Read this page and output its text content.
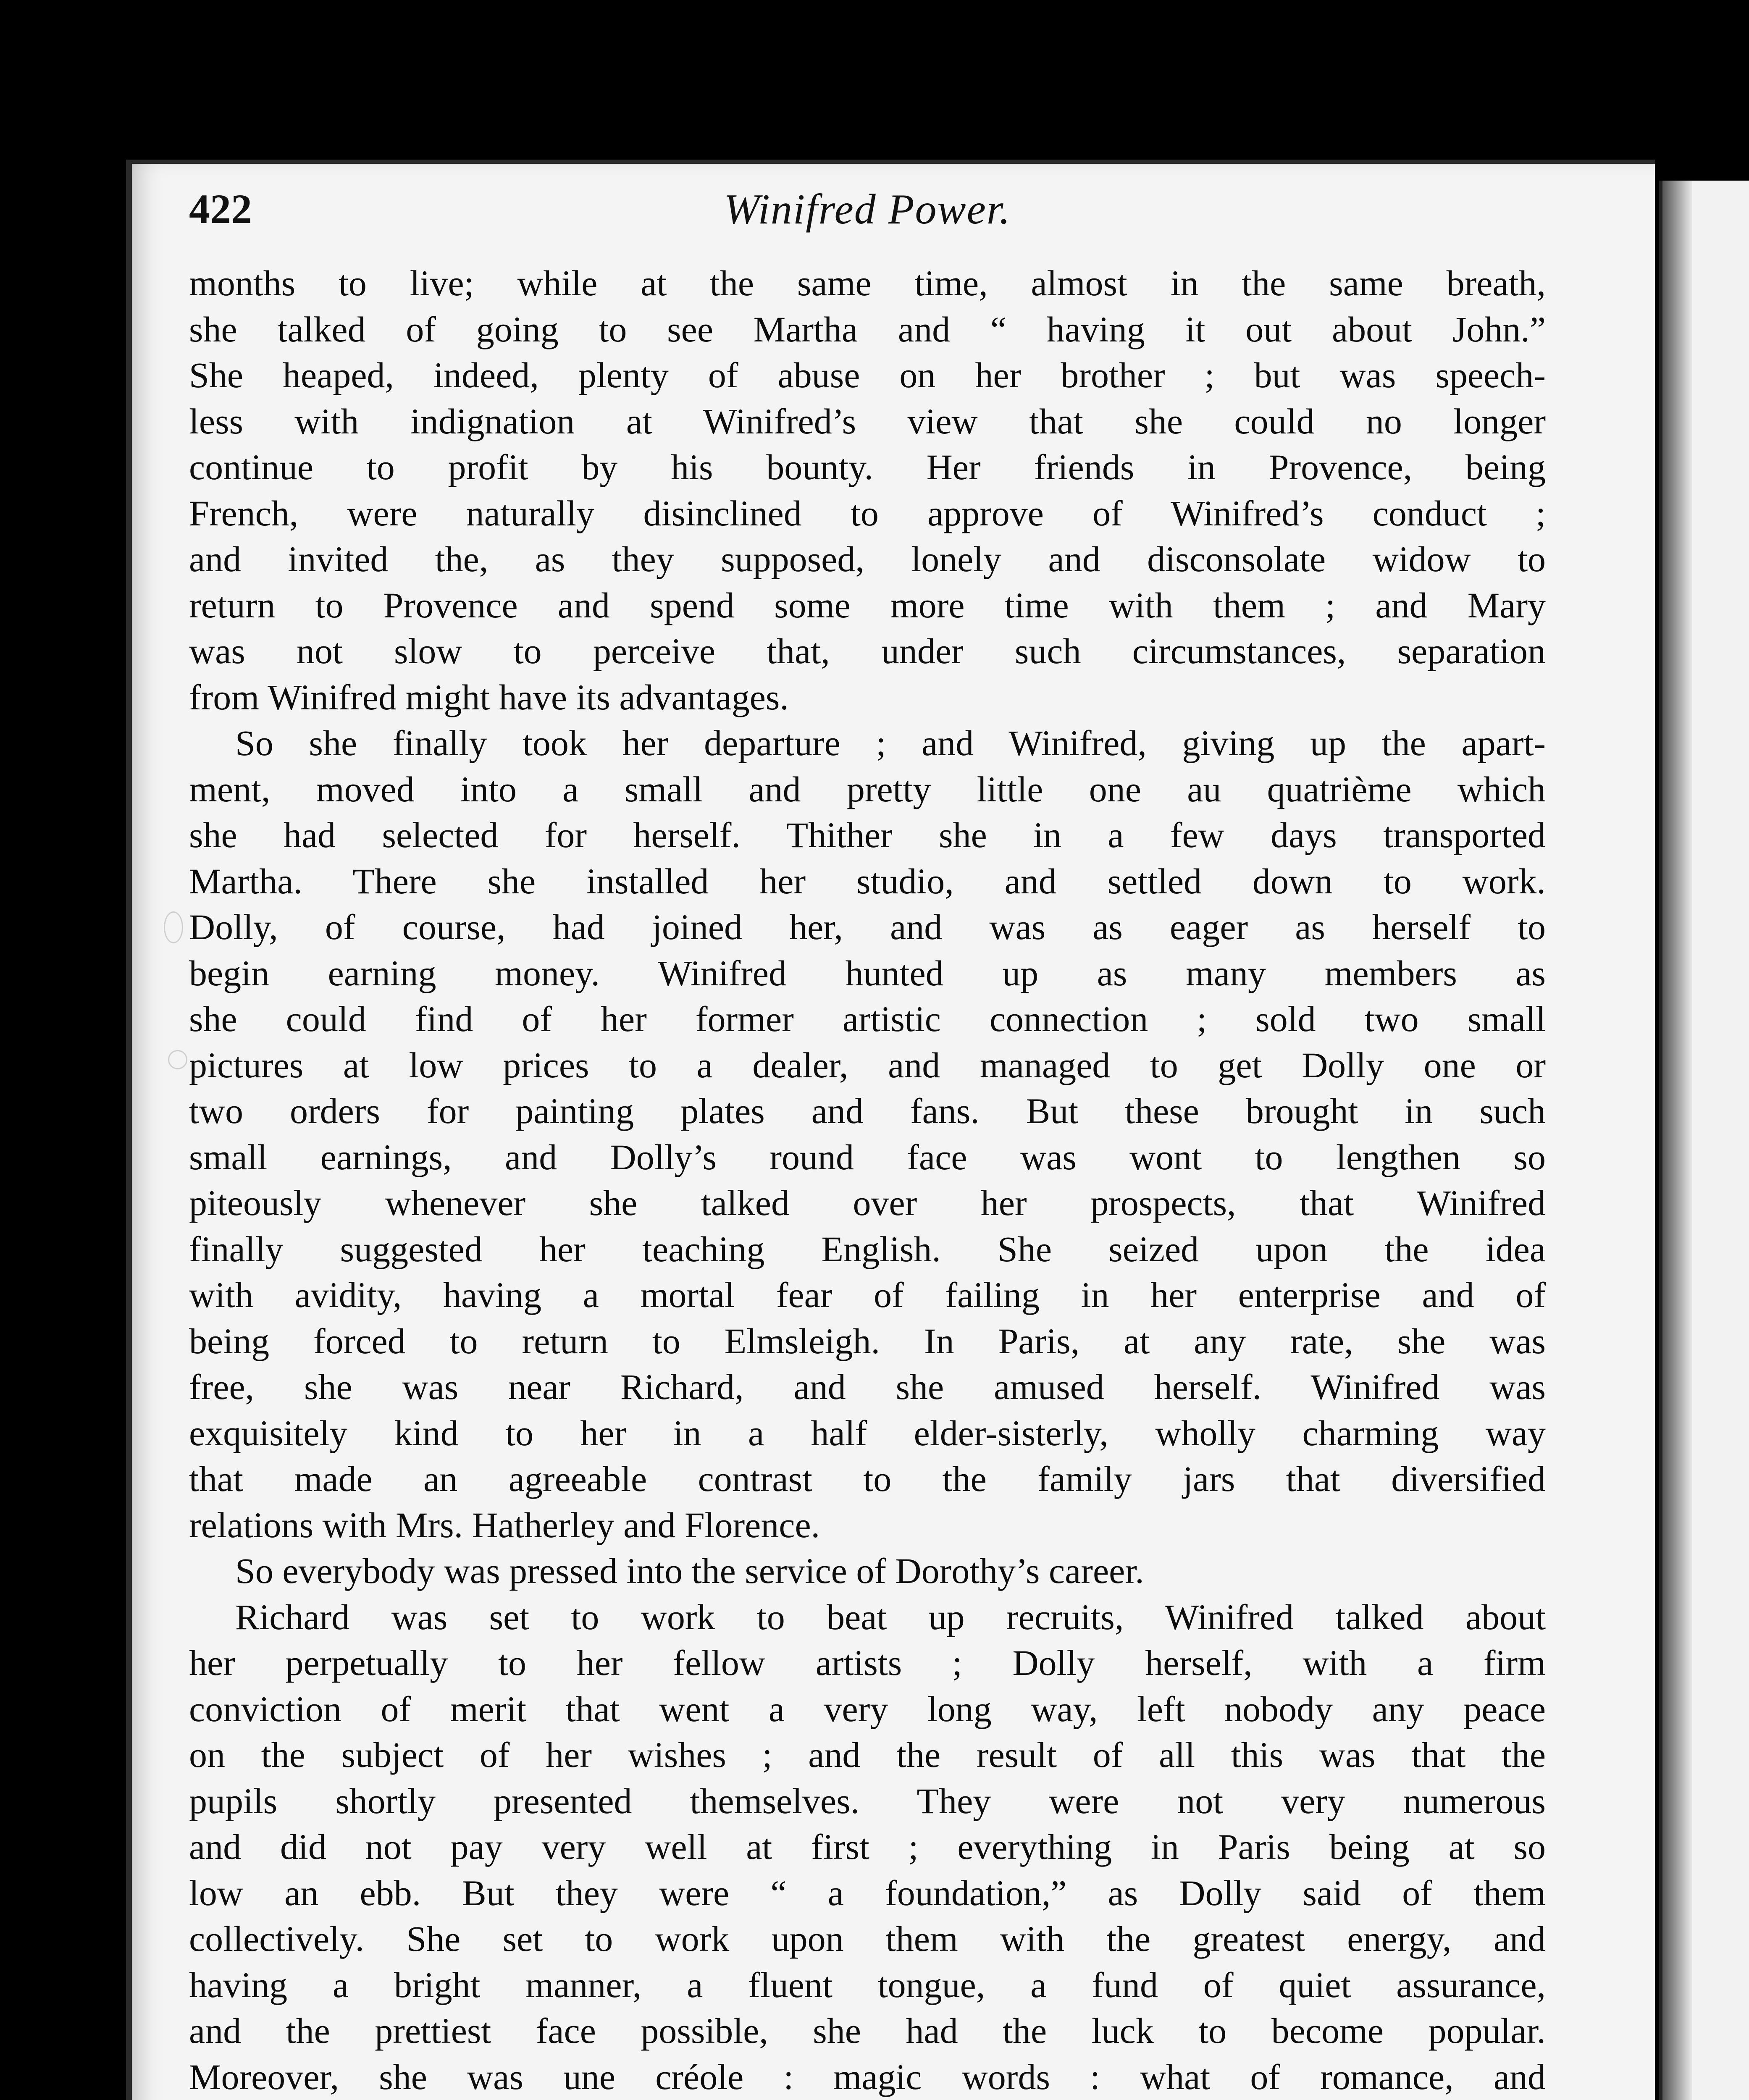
422	Winifred Power.
months to live; while at the same time, almost in the same breath,
she talked of going to see Martha and “ having it out about John.”
She heaped, indeed, plenty of abuse on her brother ; but was speech-
less with indignation at Winifred’s view that she could no longer
continue to profit by his bounty. Her friends in Provence, being
French, were naturally disinclined to approve of Winifred’s conduct ;
and invited the, as they supposed, lonely and disconsolate widow to
return to Provence and spend some more time with them ; and Mary
was not slow to perceive that, under such circumstances, separation
from Winifred might have its advantages.
So she finally took her departure ; and Winifred, giving up the apart-
ment, moved into a small and pretty little one au quatrième which
she had selected for herself. Thither she in a few days transported
Martha. There she installed her studio, and settled down to work.
Dolly, of course, had joined her, and was as eager as herself to
begin earning money. Winifred hunted up as many members as
she could find of her former artistic connection ; sold two small
pictures at low prices to a dealer, and managed to get Dolly one or
two orders for painting plates and fans. But these brought in such
small earnings, and Dolly’s round face was wont to lengthen so
piteously whenever she talked over her prospects, that Winifred
finally suggested her teaching English. She seized upon the idea
with avidity, having a mortal fear of failing in her enterprise and of
being forced to return to Elmsleigh. In Paris, at any rate, she was
free, she was near Richard, and she amused herself. Winifred was
exquisitely kind to her in a half elder-sisterly, wholly charming way
that made an agreeable contrast to the family jars that diversified
relations with Mrs. Hatherley and Florence.
So everybody was pressed into the service of Dorothy’s career.
Richard was set to work to beat up recruits, Winifred talked about
her perpetually to her fellow artists ; Dolly herself, with a firm
conviction of merit that went a very long way, left nobody any peace
on the subject of her wishes ; and the result of all this was that the
pupils shortly presented themselves. They were not very numerous
and did not pay very well at first ; everything in Paris being at so
low an ebb. But they were “ a foundation,” as Dolly said of them
collectively. She set to work upon them with the greatest energy, and
having a bright manner, a fluent tongue, a fund of quiet assurance,
and the prettiest face possible, she had the luck to become popular.
Moreover, she was une créole : magic words : what of romance, and
